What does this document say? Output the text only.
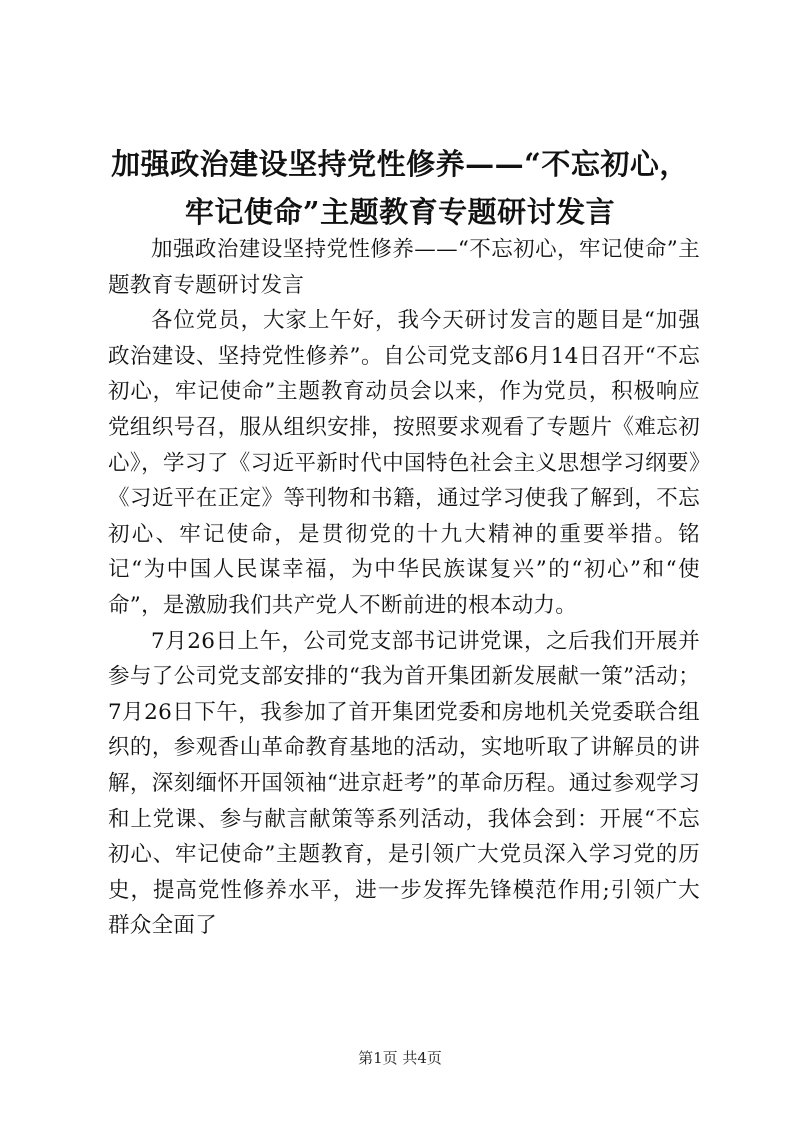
加强政治建设坚持党性修养——“不忘初心，牢记使命”主题教育专题研讨发言

加强政治建设坚持党性修养——“不忘初心，牢记使命”主题教育专题研讨发言

各位党员，大家上午好，我今天研讨发言的题目是“加强政治建设、坚持党性修养”。自公司党支部6月14日召开“不忘初心，牢记使命”主题教育动员会以来，作为党员，积极响应党组织号召，服从组织安排，按照要求观看了专题片《难忘初心》，学习了《习近平新时代中国特色社会主义思想学习纲要》《习近平在正定》等刊物和书籍，通过学习使我了解到，不忘初心、牢记使命，是贯彻党的十九大精神的重要举措。铭记“为中国人民谋幸福，为中华民族谋复兴”的“初心”和“使命”，是激励我们共产党人不断前进的根本动力。

7月26日上午，公司党支部书记讲党课，之后我们开展并参与了公司党支部安排的“我为首开集团新发展献一策”活动；7月26日下午，我参加了首开集团党委和房地机关党委联合组织的，参观香山革命教育基地的活动，实地听取了讲解员的讲解，深刻缅怀开国领袖“进京赶考”的革命历程。通过参观学习和上党课、参与献言献策等系列活动，我体会到：开展“不忘初心、牢记使命”主题教育，是引领广大党员深入学习党的历史，提高党性修养水平，进一步发挥先锋模范作用;引领广大群众全面了

第1页 共4页
